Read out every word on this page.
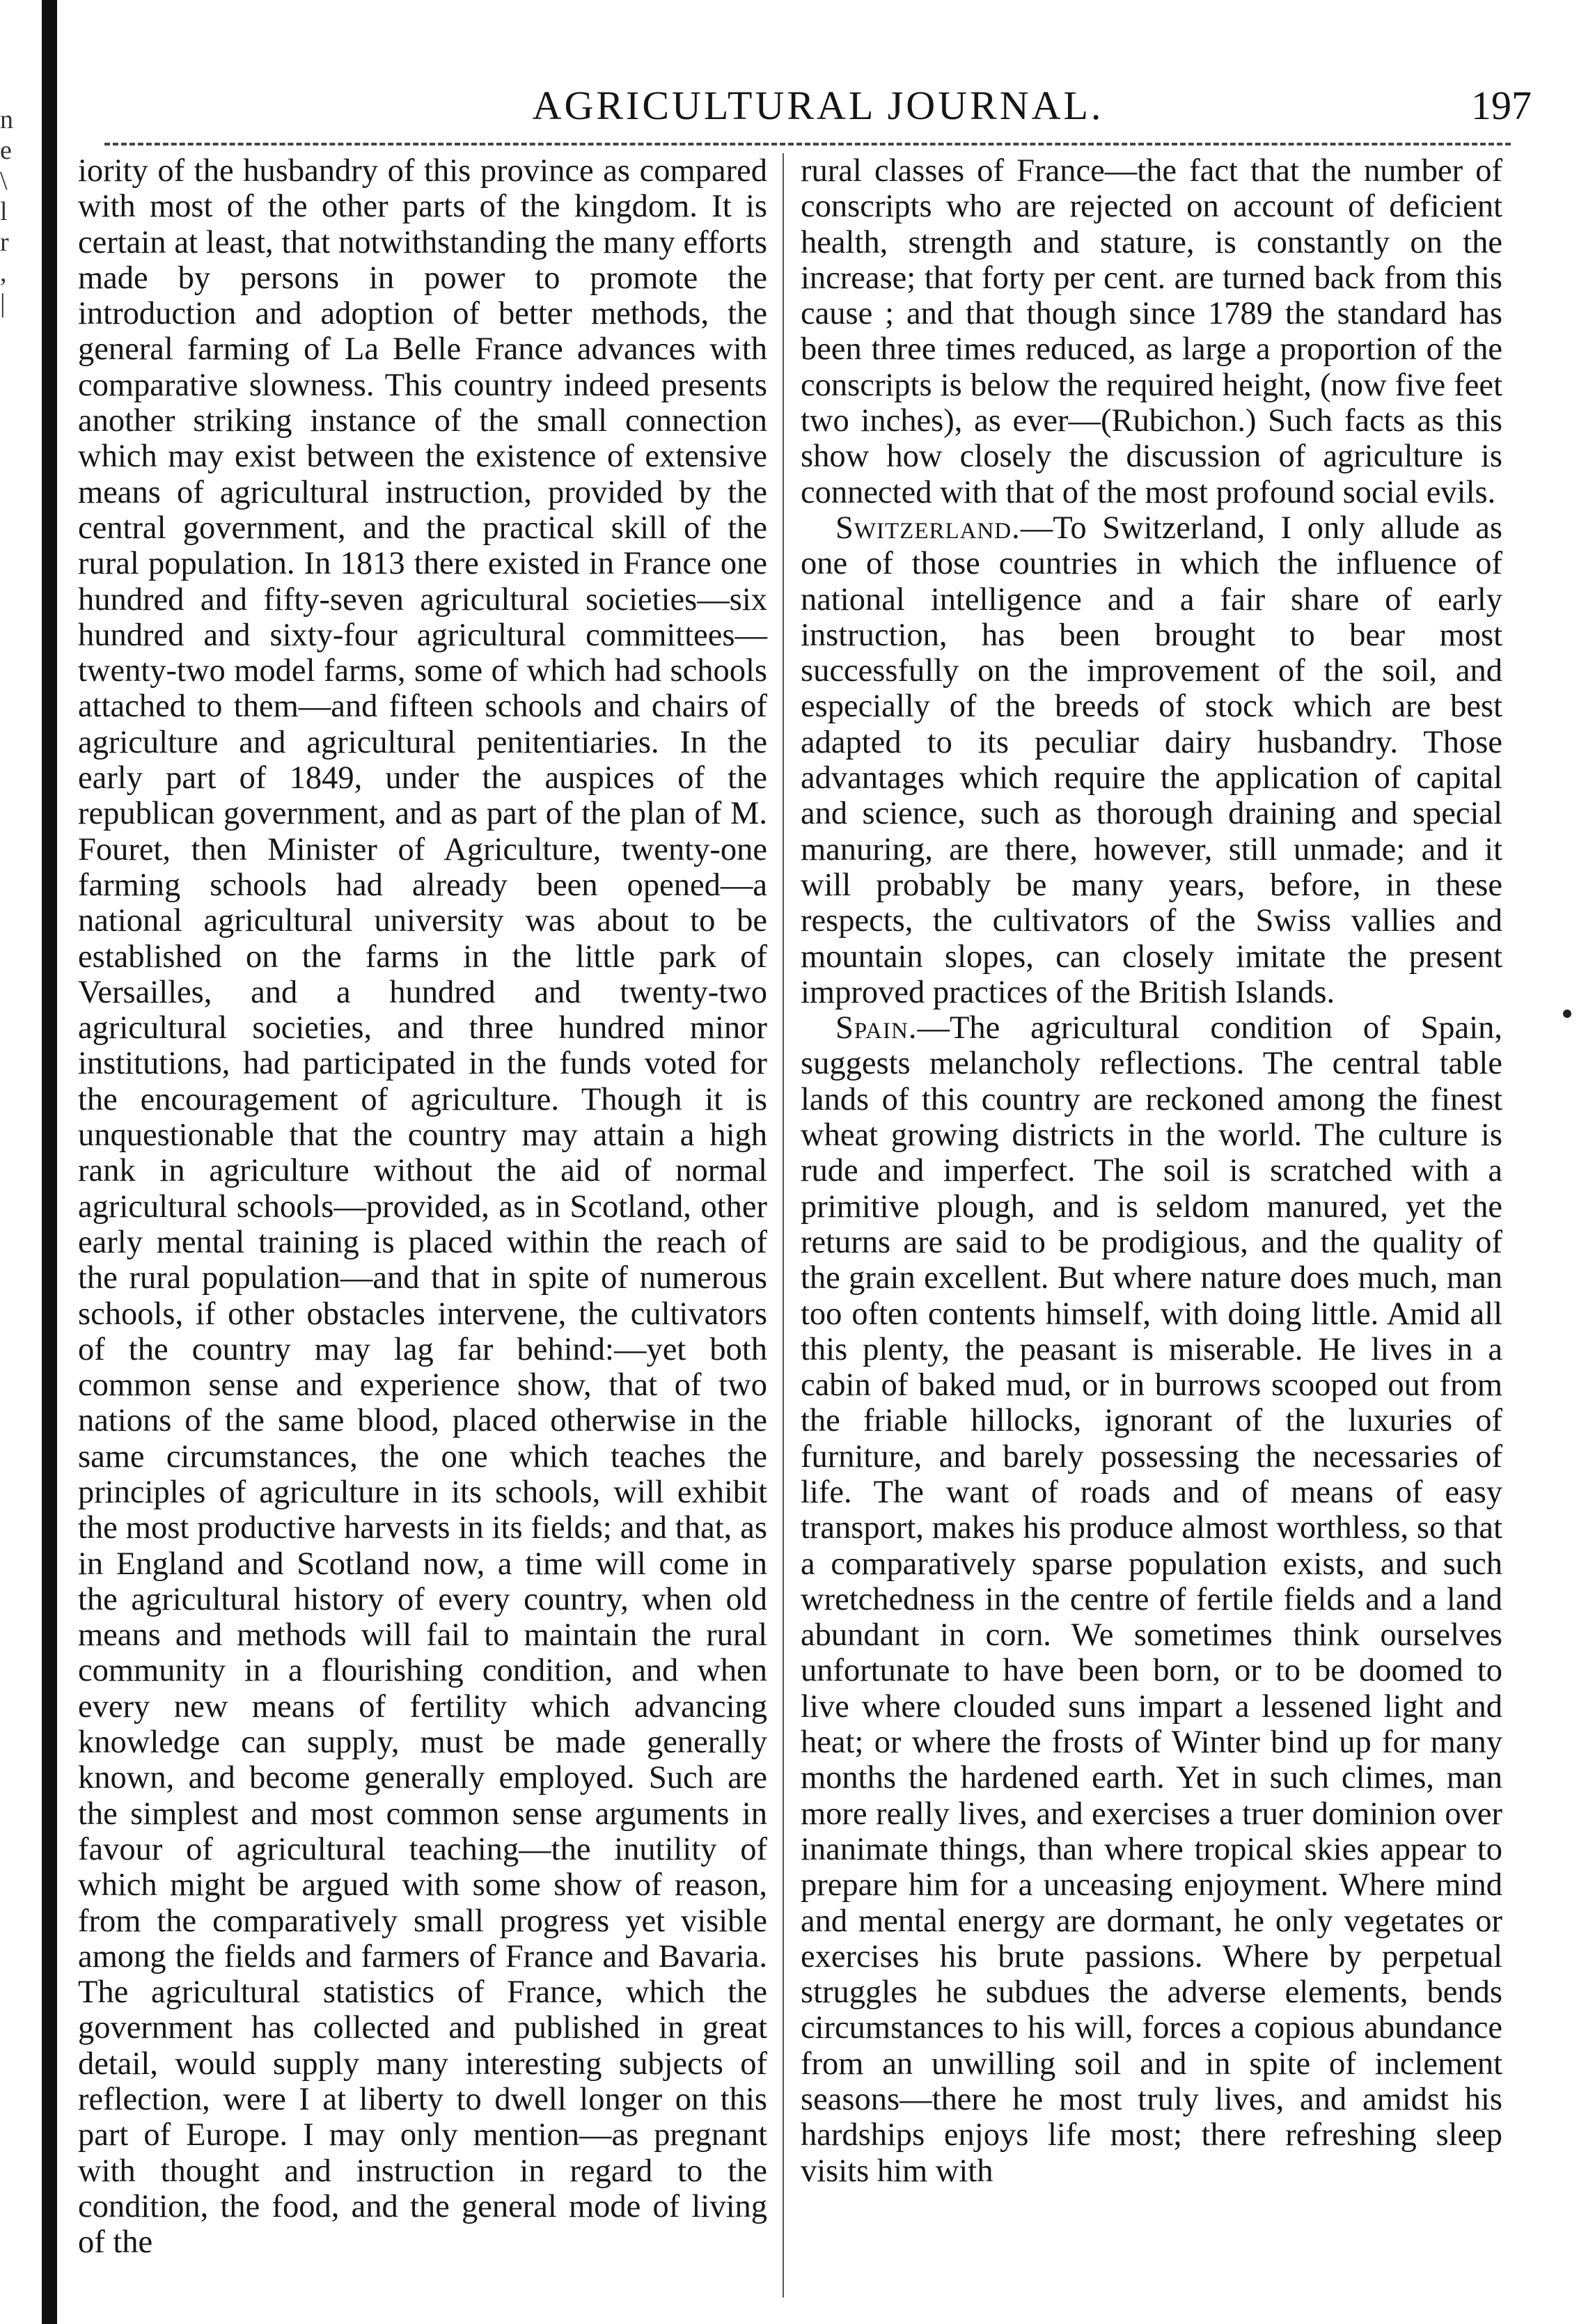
n
e
\
l
r
,
|
AGRICULTURAL JOURNAL.	197

iority of the husbandry of this province as compared with most of the other parts of the kingdom. It is certain at least, that notwithstanding the many efforts made by persons in power to promote the introduction and adoption of better methods, the general farming of La Belle France advances with comparative slowness. This country indeed presents another striking instance of the small connection which may exist between the existence of extensive means of agricultural instruction, provided by the central government, and the practical skill of the rural population. In 1813 there existed in France one hundred and fifty-seven agricultural societies—six hundred and sixty-four agricultural committees—twenty-two model farms, some of which had schools attached to them—and fifteen schools and chairs of agriculture and agricultural penitentiaries. In the early part of 1849, under the auspices of the republican government, and as part of the plan of M. Fouret, then Minister of Agriculture, twenty-one farming schools had already been opened—a national agricultural university was about to be established on the farms in the little park of Versailles, and a hundred and twenty-two agricultural societies, and three hundred minor institutions, had participated in the funds voted for the encouragement of agriculture. Though it is unquestionable that the country may attain a high rank in agriculture without the aid of normal agricultural schools—provided, as in Scotland, other early mental training is placed within the reach of the rural population—and that in spite of numerous schools, if other obstacles intervene, the cultivators of the country may lag far behind:—yet both common sense and experience show, that of two nations of the same blood, placed otherwise in the same circumstances, the one which teaches the principles of agriculture in its schools, will exhibit the most productive harvests in its fields; and that, as in England and Scotland now, a time will come in the agricultural history of every country, when old means and methods will fail to maintain the rural community in a flourishing condition, and when every new means of fertility which advancing knowledge can supply, must be made generally known, and become generally employed. Such are the simplest and most common sense arguments in favour of agricultural teaching—the inutility of which might be argued with some show of reason, from the comparatively small progress yet visible among the fields and farmers of France and Bavaria. The agricultural statistics of France, which the government has collected and published in great detail, would supply many interesting subjects of reflection, were I at liberty to dwell longer on this part of Europe. I may only mention—as pregnant with thought and instruction in regard to the condition, the food, and the general mode of living of the

rural classes of France—the fact that the number of conscripts who are rejected on account of deficient health, strength and stature, is constantly on the increase; that forty per cent. are turned back from this cause ; and that though since 1789 the standard has been three times reduced, as large a proportion of the conscripts is below the required height, (now five feet two inches), as ever—(Rubichon.) Such facts as this show how closely the discussion of agriculture is connected with that of the most profound social evils.

Switzerland.—To Switzerland, I only allude as one of those countries in which the influence of national intelligence and a fair share of early instruction, has been brought to bear most successfully on the improvement of the soil, and especially of the breeds of stock which are best adapted to its peculiar dairy husbandry. Those advantages which require the application of capital and science, such as thorough draining and special manuring, are there, however, still unmade; and it will probably be many years, before, in these respects, the cultivators of the Swiss vallies and mountain slopes, can closely imitate the present improved practices of the British Islands.

Spain.—The agricultural condition of Spain, suggests melancholy reflections. The central table lands of this country are reckoned among the finest wheat growing districts in the world. The culture is rude and imperfect. The soil is scratched with a primitive plough, and is seldom manured, yet the returns are said to be prodigious, and the quality of the grain excellent. But where nature does much, man too often contents himself, with doing little. Amid all this plenty, the peasant is miserable. He lives in a cabin of baked mud, or in burrows scooped out from the friable hillocks, ignorant of the luxuries of furniture, and barely possessing the necessaries of life. The want of roads and of means of easy transport, makes his produce almost worthless, so that a comparatively sparse population exists, and such wretchedness in the centre of fertile fields and a land abundant in corn. We sometimes think ourselves unfortunate to have been born, or to be doomed to live where clouded suns impart a lessened light and heat; or where the frosts of Winter bind up for many months the hardened earth. Yet in such climes, man more really lives, and exercises a truer dominion over inanimate things, than where tropical skies appear to prepare him for a unceasing enjoyment. Where mind and mental energy are dormant, he only vegetates or exercises his brute passions. Where by perpetual struggles he subdues the adverse elements, bends circumstances to his will, forces a copious abundance from an unwilling soil and in spite of inclement seasons—there he most truly lives, and amidst his hardships enjoys life most; there refreshing sleep visits him with
